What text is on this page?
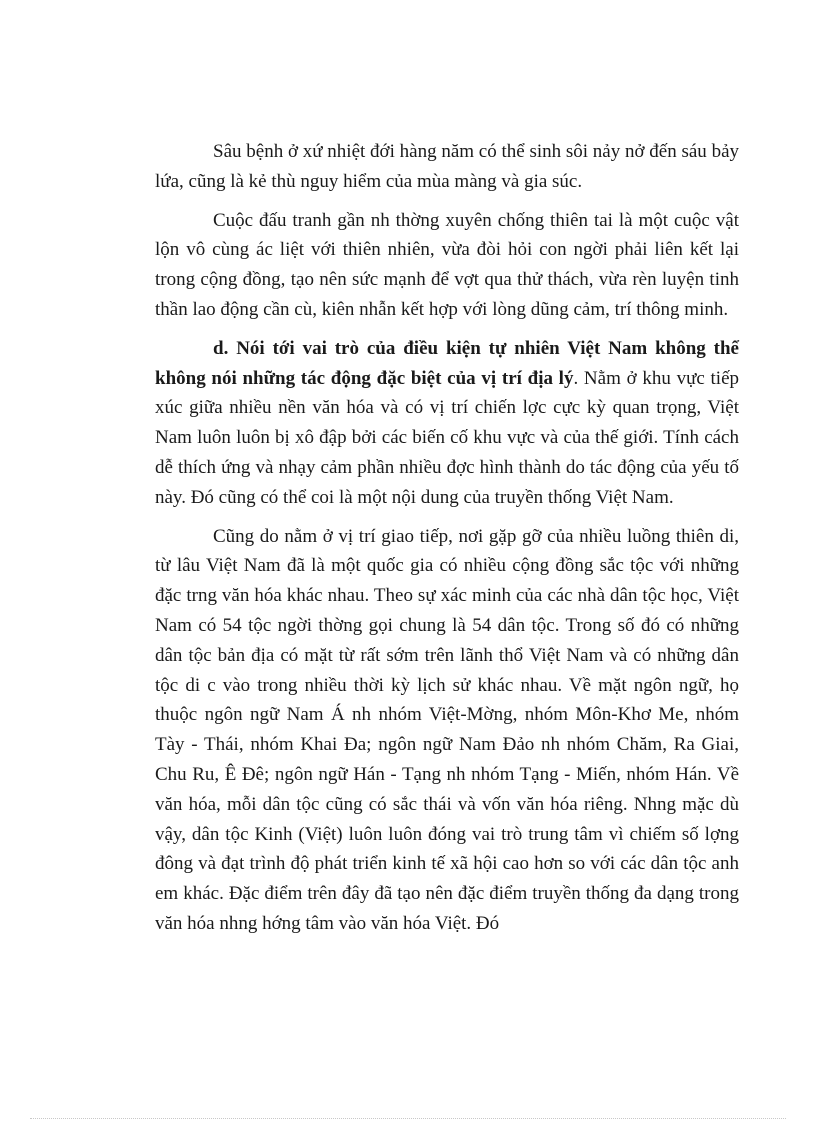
Sâu bệnh ở xứ nhiệt đới hàng năm có thể sinh sôi nảy nở đến sáu bảy lứa, cũng là kẻ thù nguy hiểm của mùa màng và gia súc.

Cuộc đấu tranh gần nh thờng xuyên chống thiên tai là một cuộc vật lộn vô cùng ác liệt với thiên nhiên, vừa đòi hỏi con ngời phải liên kết lại trong cộng đồng, tạo nên sức mạnh để vợt qua thử thách, vừa rèn luyện tinh thần lao động cần cù, kiên nhẫn kết hợp với lòng dũng cảm, trí thông minh.

d. Nói tới vai trò của điều kiện tự nhiên Việt Nam không thể không nói những tác động đặc biệt của vị trí địa lý. Nằm ở khu vực tiếp xúc giữa nhiều nền văn hóa và có vị trí chiến lợc cực kỳ quan trọng, Việt Nam luôn luôn bị xô đập bởi các biến cố khu vực và của thế giới. Tính cách dễ thích ứng và nhạy cảm phần nhiều đợc hình thành do tác động của yếu tố này. Đó cũng có thể coi là một nội dung của truyền thống Việt Nam.

Cũng do nằm ở vị trí giao tiếp, nơi gặp gỡ của nhiều luồng thiên di, từ lâu Việt Nam đã là một quốc gia có nhiều cộng đồng sắc tộc với những đặc trng văn hóa khác nhau. Theo sự xác minh của các nhà dân tộc học, Việt Nam có 54 tộc ngời thờng gọi chung là 54 dân tộc. Trong số đó có những dân tộc bản địa có mặt từ rất sớm trên lãnh thổ Việt Nam và có những dân tộc di c vào trong nhiều thời kỳ lịch sử khác nhau. Về mặt ngôn ngữ, họ thuộc ngôn ngữ Nam Á nh nhóm Việt-Mờng, nhóm Môn-Khơ Me, nhóm Tày - Thái, nhóm Khai Đa; ngôn ngữ Nam Đảo nh nhóm Chăm, Ra Giai, Chu Ru, Ê Đê; ngôn ngữ Hán - Tạng nh nhóm Tạng - Miến, nhóm Hán. Về văn hóa, mỗi dân tộc cũng có sắc thái và vốn văn hóa riêng. Nhng mặc dù vậy, dân tộc Kinh (Việt) luôn luôn đóng vai trò trung tâm vì chiếm số lợng đông và đạt trình độ phát triển kinh tế xã hội cao hơn so với các dân tộc anh em khác. Đặc điểm trên đây đã tạo nên đặc điểm truyền thống đa dạng trong văn hóa nhng hớng tâm vào văn hóa Việt. Đó
